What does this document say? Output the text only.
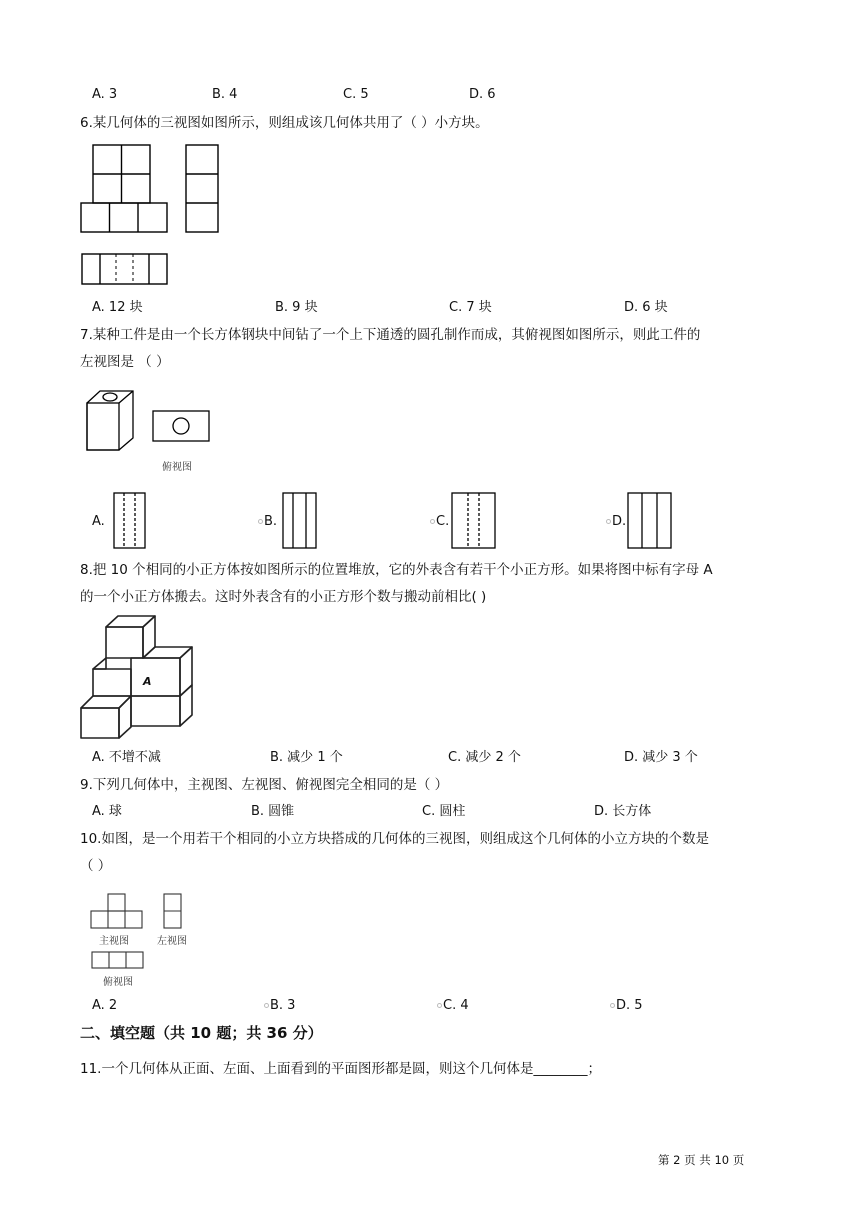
A. 3	B. 4	C. 5	D. 6
6.某几何体的三视图如图所示，则组成该几何体共用了（ ）小方块。
A. 12 块	B. 9 块	C. 7 块	D. 6 块
7.某种工件是由一个长方体钢块中间钻了一个上下通透的圆孔制作而成，其俯视图如图所示，则此工件的
左视图是 （ ）
俯视图
A.	B.	C.	D.
8.把 10 个相同的小正方体按如图所示的位置堆放，它的外表含有若干个小正方形。如果将图中标有字母 A
的一个小正方体搬去。这时外表含有的小正方形个数与搬动前相比( )
A
A. 不增不减	B. 减少 1 个	C. 减少 2 个	D. 减少 3 个
9.下列几何体中，主视图、左视图、俯视图完全相同的是（ ）
A. 球	B. 圆锥	C. 圆柱	D. 长方体
10.如图，是一个用若干个相同的小立方块搭成的几何体的三视图，则组成这个几何体的小立方块的个数是
（ ）
主视图	左视图
俯视图
A. 2	B. 3	C. 4	D. 5
二、填空题（共 10 题；共 36 分）
11.一个几何体从正面、左面、上面看到的平面图形都是圆，则这个几何体是________；
第 2 页 共 10 页
